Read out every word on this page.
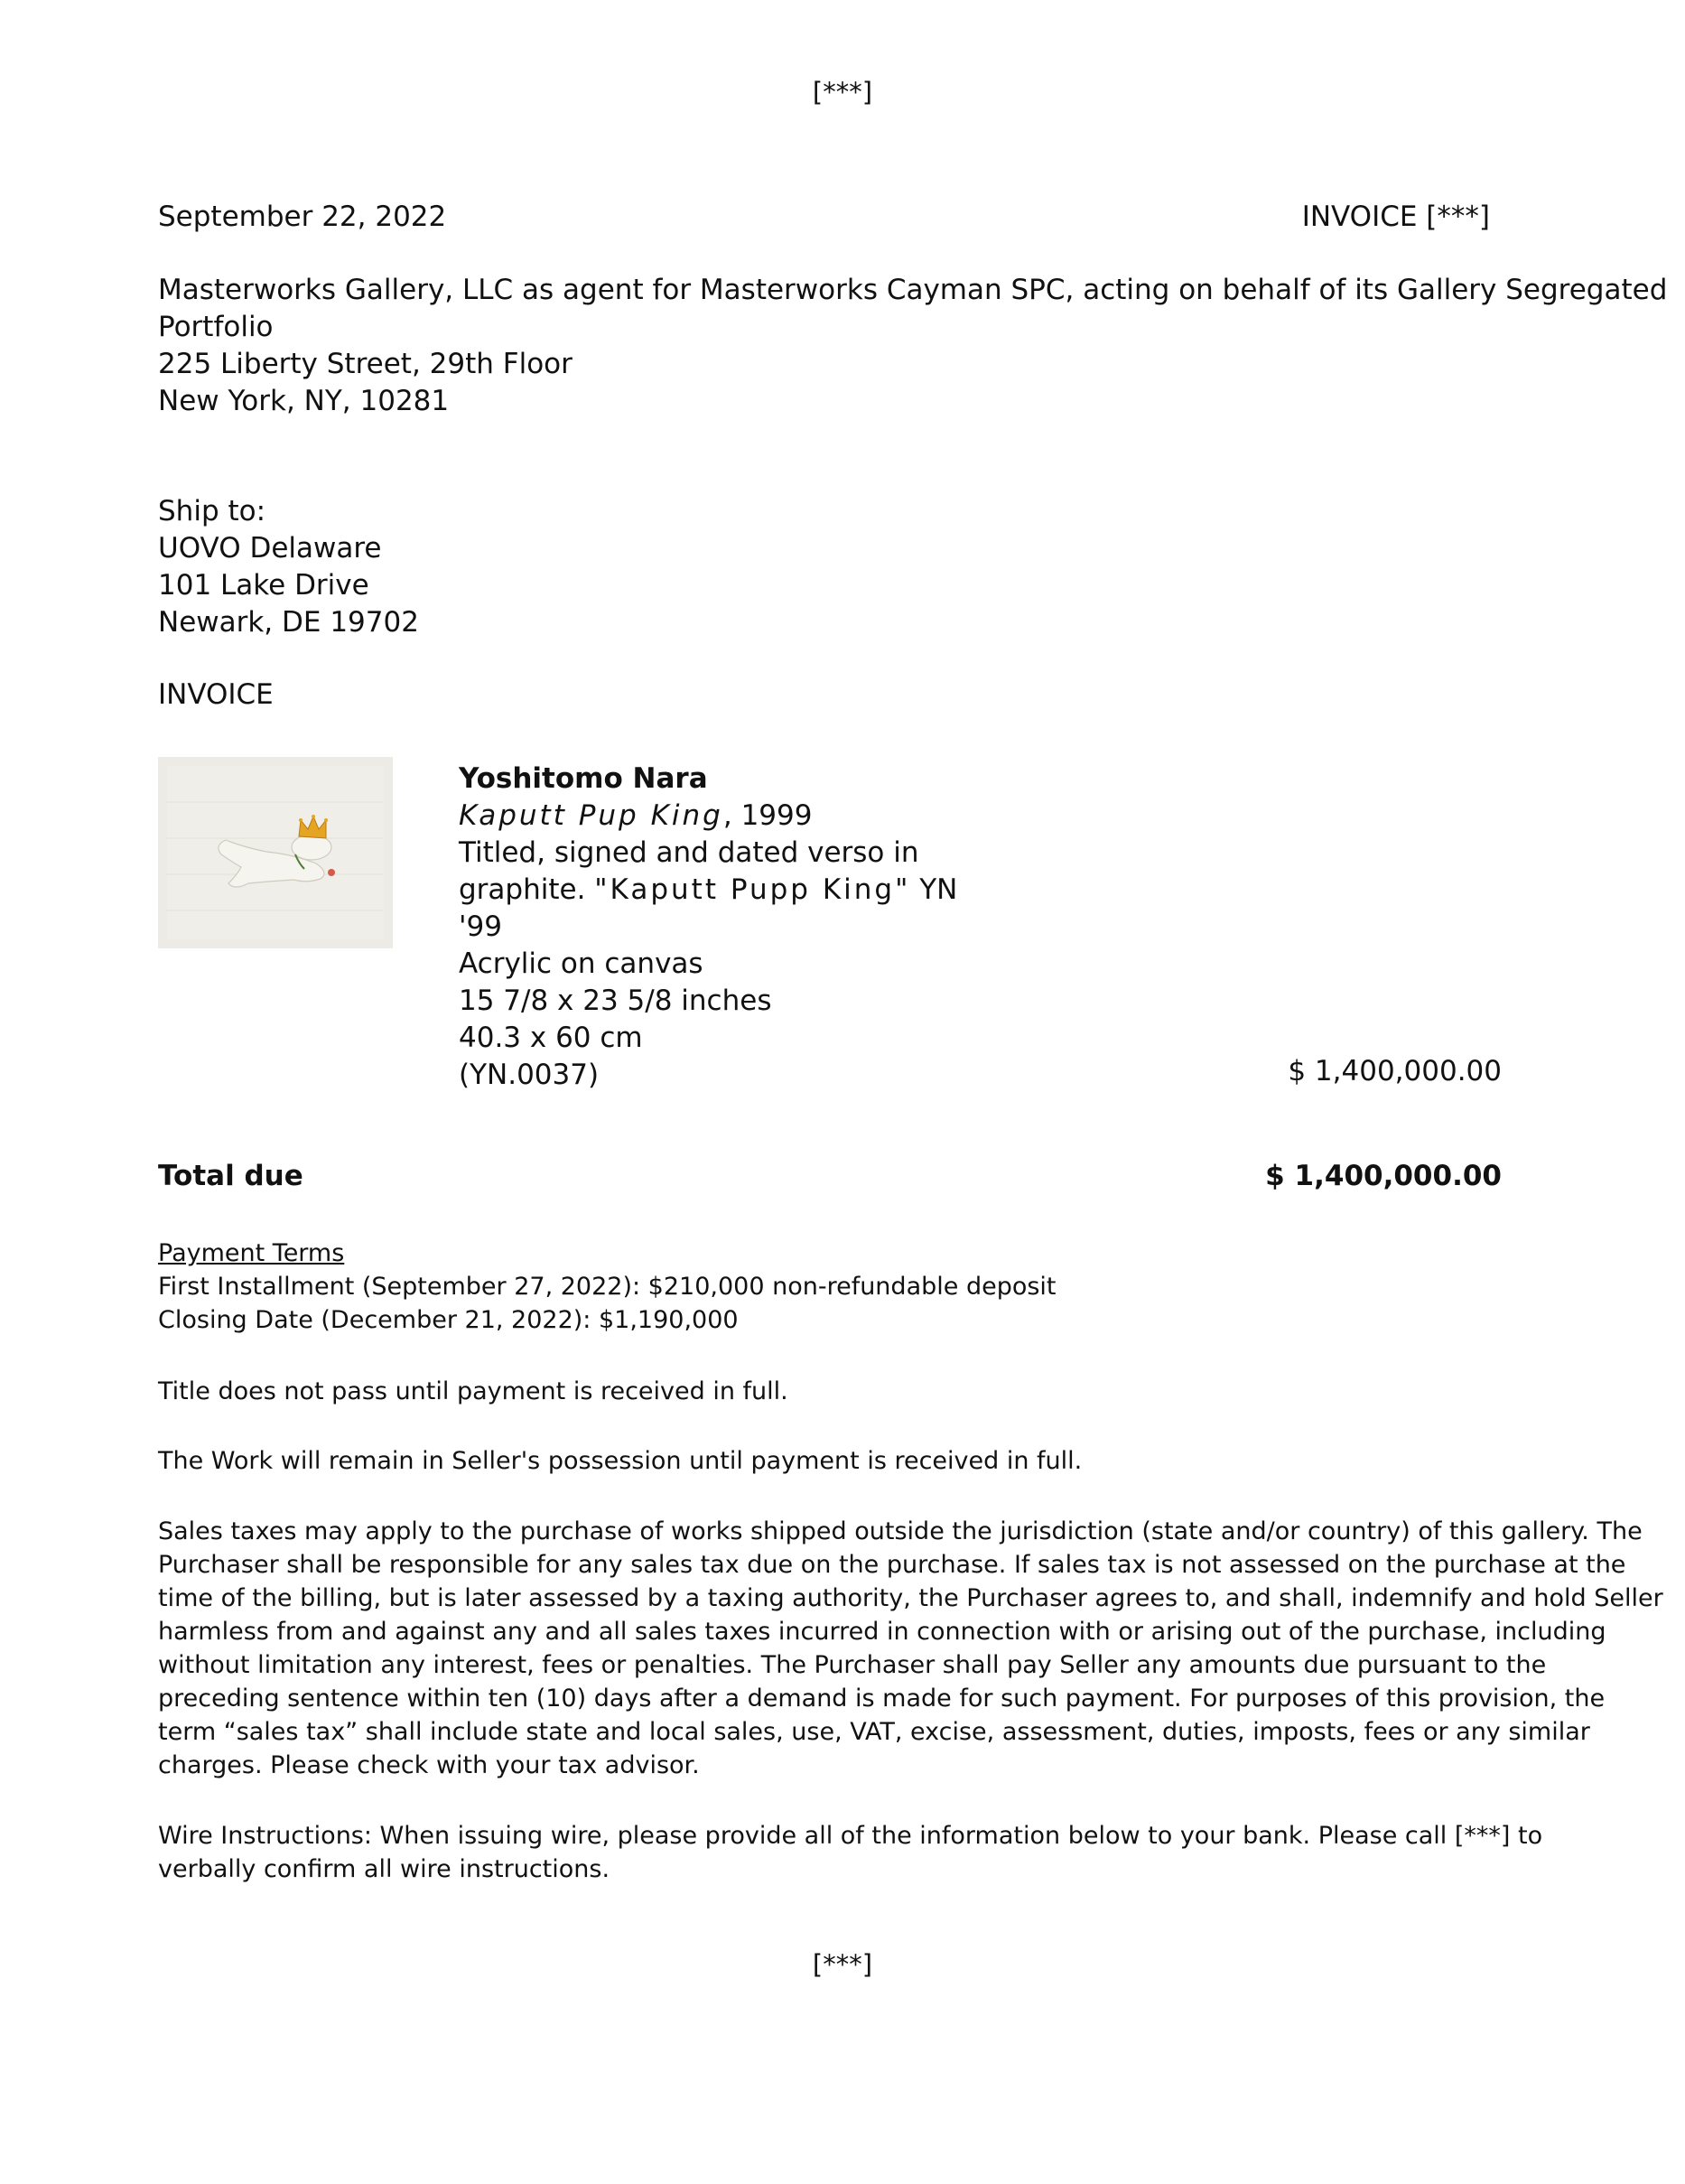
[***]
September 22, 2022	INVOICE [***]
Masterworks Gallery, LLC as agent for Masterworks Cayman SPC, acting on behalf of its Gallery Segregated
Portfolio
225 Liberty Street, 29th Floor
New York, NY, 10281
Ship to:
UOVO Delaware
101 Lake Drive
Newark, DE 19702
INVOICE
Yoshitomo Nara
Kaputt Pup King, 1999
Titled, signed and dated verso in
graphite. "Kaputt Pupp King" YN
'99
Acrylic on canvas
15 7/8 x 23 5/8 inches
40.3 x 60 cm
(YN.0037)	$ 1,400,000.00
Total due	$ 1,400,000.00
Payment Terms
First Installment (September 27, 2022): $210,000 non-refundable deposit
Closing Date (December 21, 2022): $1,190,000
Title does not pass until payment is received in full.
The Work will remain in Seller's possession until payment is received in full.
Sales taxes may apply to the purchase of works shipped outside the jurisdiction (state and/or country) of this gallery. The
Purchaser shall be responsible for any sales tax due on the purchase. If sales tax is not assessed on the purchase at the
time of the billing, but is later assessed by a taxing authority, the Purchaser agrees to, and shall, indemnify and hold Seller
harmless from and against any and all sales taxes incurred in connection with or arising out of the purchase, including
without limitation any interest, fees or penalties. The Purchaser shall pay Seller any amounts due pursuant to the
preceding sentence within ten (10) days after a demand is made for such payment. For purposes of this provision, the
term “sales tax” shall include state and local sales, use, VAT, excise, assessment, duties, imposts, fees or any similar
charges. Please check with your tax advisor.
Wire Instructions: When issuing wire, please provide all of the information below to your bank. Please call [***] to
verbally confirm all wire instructions.
[***]
